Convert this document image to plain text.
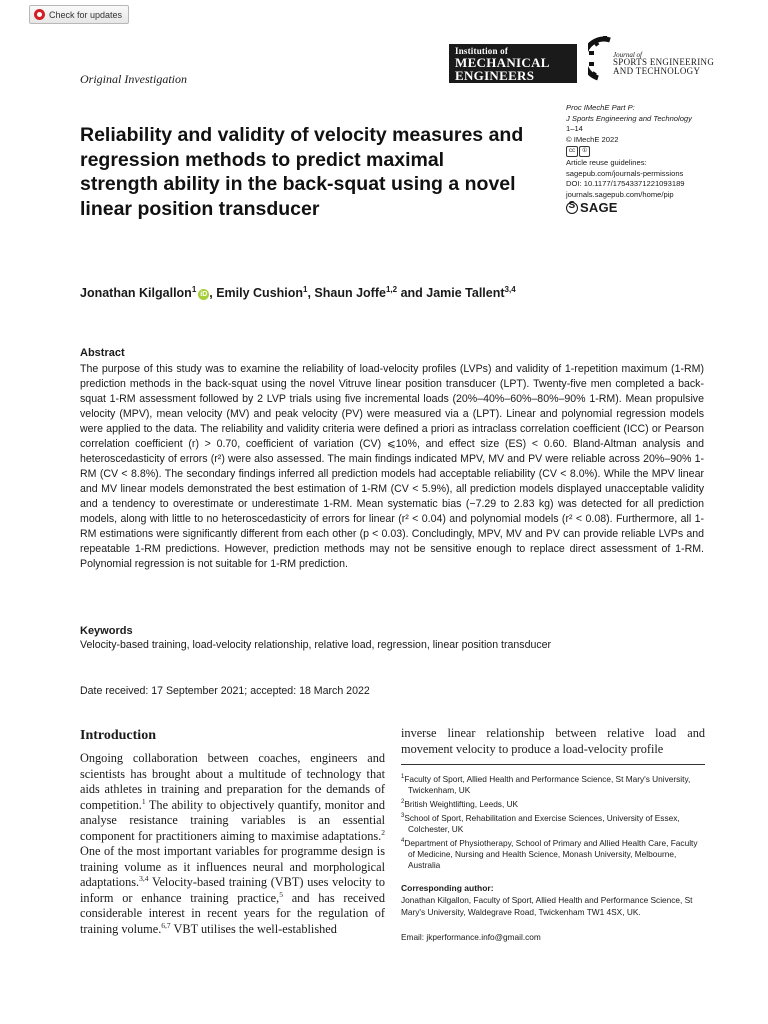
Check for updates
Original Investigation
Institution of
MECHANICAL
ENGINEERS
Journal of
SPORTS ENGINEERING
AND TECHNOLOGY
Proc IMechE Part P:
J Sports Engineering and Technology
1–14
© IMechE 2022
cc	①
Article reuse guidelines:
sagepub.com/journals-permissions
DOI: 10.1177/17543371221093189
journals.sagepub.com/home/pip
S
SAGE
Reliability and validity of velocity measures and regression methods to predict maximal strength ability in the back-squat using a novel linear position transducer
Jonathan Kilgallon$^1$iD , Emily Cushion$^1$, Shaun Joffe$^{1,2}$ and Jamie Tallent$^{3,4}$
Abstract

The purpose of this study was to examine the reliability of load-velocity profiles (LVPs) and validity of 1-repetition maximum (1-RM) prediction methods in the back-squat using the novel Vitruve linear position transducer (LPT). Twenty-five men completed a back-squat 1-RM assessment followed by 2 LVP trials using five incremental loads (20%–40%–60%–80%–90% 1-RM). Mean propulsive velocity (MPV), mean velocity (MV) and peak velocity (PV) were measured via a (LPT). Linear and polynomial regression models were applied to the data. The reliability and validity criteria were defined a priori as intraclass correlation coefficient (ICC) or Pearson correlation coefficient (r) > 0.70, coefficient of variation (CV) ⩽10%, and effect size (ES) < 0.60. Bland-Altman analysis and heteroscedasticity of errors (r²) were also assessed. The main findings indicated MPV, MV and PV were reliable across 20%–90% 1-RM (CV < 8.8%). The secondary findings inferred all prediction models had acceptable reliability (CV < 8.0%). While the MPV linear and MV linear models demonstrated the best estimation of 1-RM (CV < 5.9%), all prediction models displayed unacceptable validity and a tendency to overestimate or underestimate 1-RM. Mean systematic bias (−7.29 to 2.83 kg) was detected for all prediction models, along with little to no heteroscedasticity of errors for linear (r² < 0.04) and polynomial models (r² < 0.08). Furthermore, all 1-RM estimations were significantly different from each other (p < 0.03). Concludingly, MPV, MV and PV can provide reliable LVPs and repeatable 1-RM predictions. However, prediction methods may not be sensitive enough to replace direct assessment of 1-RM. Polynomial regression is not suitable for 1-RM prediction.

Keywords
Velocity-based training, load-velocity relationship, relative load, regression, linear position transducer
Date received: 17 September 2021; accepted: 18 March 2022
Introduction

Ongoing collaboration between coaches, engineers and scientists has brought about a multitude of technology that aids athletes in training and preparation for the demands of competition.$^1$ The ability to objectively quantify, monitor and analyse resistance training variables is an essential component for practitioners aiming to maximise adaptations.$^2$ One of the most important variables for programme design is training volume as it influences neural and morphological adaptations.$^{3,4}$ Velocity-based training (VBT) uses velocity to inform or enhance training practice,$^5$ and has received considerable interest in recent years for the regulation of training volume.$^{6,7}$ VBT utilises the well-established

inverse linear relationship between relative load and movement velocity to produce a load-velocity profile

$^1$Faculty of Sport, Allied Health and Performance Science, St Mary's University, Twickenham, UK

$^2$British Weightlifting, Leeds, UK

$^3$School of Sport, Rehabilitation and Exercise Sciences, University of Essex, Colchester, UK

$^4$Department of Physiotherapy, School of Primary and Allied Health Care, Faculty of Medicine, Nursing and Health Science, Monash University, Melbourne, Australia

Corresponding author:

Jonathan Kilgallon, Faculty of Sport, Allied Health and Performance Science, St Mary's University, Waldegrave Road, Twickenham TW1 4SX, UK.

Email: jkperformance.info@gmail.com
